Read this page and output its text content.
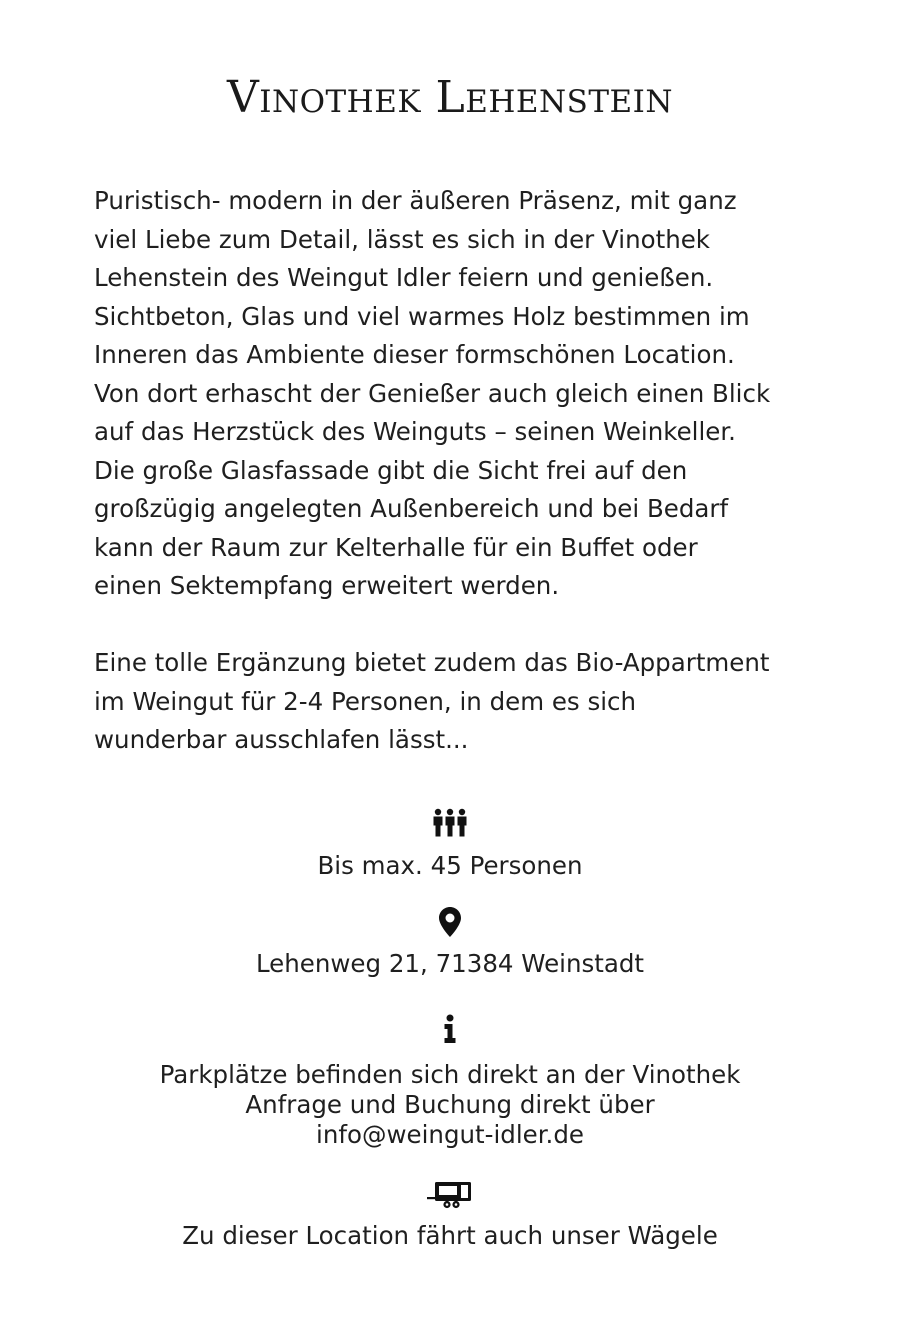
Vinothek Lehenstein

Puristisch- modern in der äußeren Präsenz, mit ganz
viel Liebe zum Detail, lässt es sich in der Vinothek
Lehenstein des Weingut Idler feiern und genießen.
Sichtbeton, Glas und viel warmes Holz bestimmen im
Inneren das Ambiente dieser formschönen Location.
Von dort erhascht der Genießer auch gleich einen Blick
auf das Herzstück des Weinguts – seinen Weinkeller.
Die große Glasfassade gibt die Sicht frei auf den
großzügig angelegten Außenbereich und bei Bedarf
kann der Raum zur Kelterhalle für ein Buffet oder
einen Sektempfang erweitert werden.

Eine tolle Ergänzung bietet zudem das Bio-Appartment
im Weingut für 2-4 Personen, in dem es sich
wunderbar ausschlafen lässt...

Bis max. 45 Personen
Lehenweg 21, 71384 Weinstadt
Parkplätze befinden sich direkt an der Vinothek
Anfrage und Buchung direkt über
info@weingut-idler.de
Zu dieser Location fährt auch unser Wägele
